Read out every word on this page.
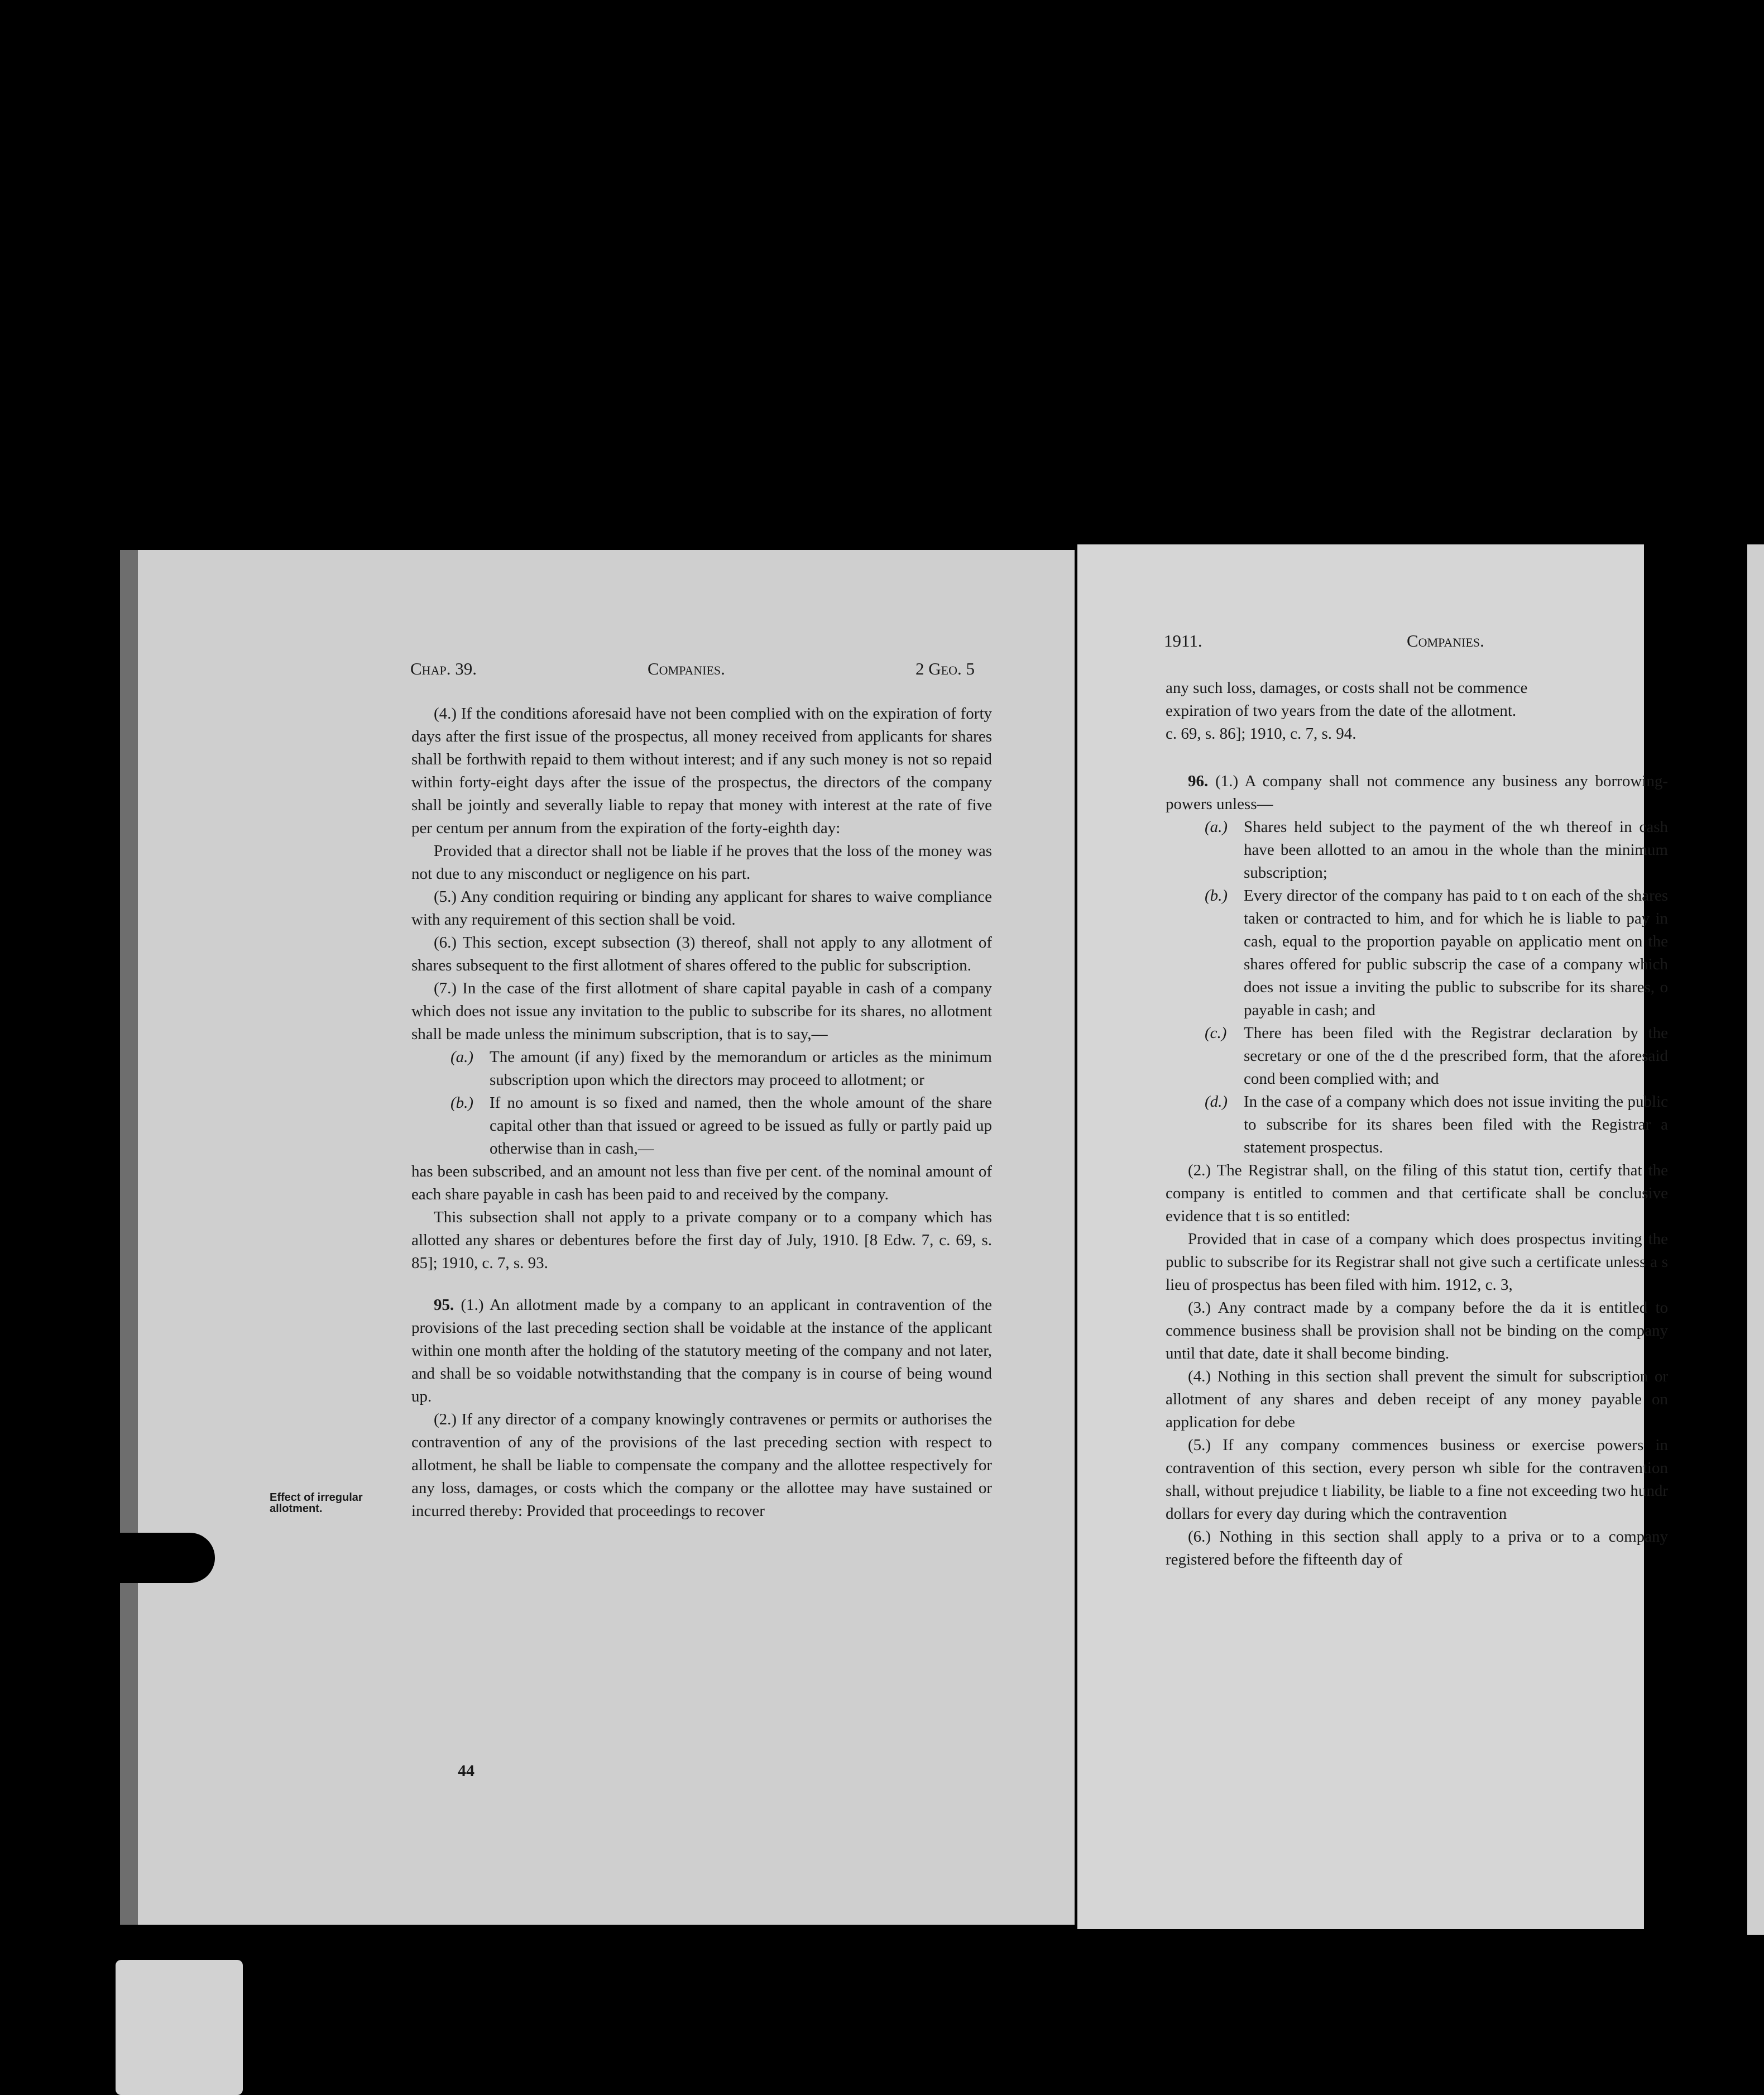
Chap. 39.	Companies.	2 Geo. 5

(4.) If the conditions aforesaid have not been complied with on the expiration of forty days after the first issue of the prospectus, all money received from applicants for shares shall be forthwith repaid to them without interest; and if any such money is not so repaid within forty-eight days after the issue of the prospectus, the directors of the company shall be jointly and severally liable to repay that money with interest at the rate of five per centum per annum from the expiration of the forty-eighth day:

Provided that a director shall not be liable if he proves that the loss of the money was not due to any misconduct or negligence on his part.

(5.) Any condition requiring or binding any applicant for shares to waive compliance with any requirement of this section shall be void.

(6.) This section, except subsection (3) thereof, shall not apply to any allotment of shares subsequent to the first allotment of shares offered to the public for subscription.

(7.) In the case of the first allotment of share capital payable in cash of a company which does not issue any invitation to the public to subscribe for its shares, no allotment shall be made unless the minimum subscription, that is to say,—

(a.) The amount (if any) fixed by the memorandum or articles as the minimum subscription upon which the directors may proceed to allotment; or

(b.) If no amount is so fixed and named, then the whole amount of the share capital other than that issued or agreed to be issued as fully or partly paid up otherwise than in cash,—

has been subscribed, and an amount not less than five per cent. of the nominal amount of each share payable in cash has been paid to and received by the company.

This subsection shall not apply to a private company or to a company which has allotted any shares or debentures before the first day of July, 1910. [8 Edw. 7, c. 69, s. 85]; 1910, c. 7, s. 93.

95. (1.) An allotment made by a company to an applicant in contravention of the provisions of the last preceding section shall be voidable at the instance of the applicant within one month after the holding of the statutory meeting of the company and not later, and shall be so voidable notwithstanding that the company is in course of being wound up.

(2.) If any director of a company knowingly contravenes or permits or authorises the contravention of any of the provisions of the last preceding section with respect to allotment, he shall be liable to compensate the company and the allottee respectively for any loss, damages, or costs which the company or the allottee may have sustained or incurred thereby: Provided that proceedings to recover

Effect of irregular allotment.
44
1911.	Companies.

any such loss, damages, or costs shall not be commence

expiration of two years from the date of the allotment.

c. 69, s. 86]; 1910, c. 7, s. 94.

96. (1.) A company shall not commence any business any borrowing-powers unless—

(a.) Shares held subject to the payment of the wh thereof in cash have been allotted to an amou in the whole than the minimum subscription;

(b.) Every director of the company has paid to t on each of the shares taken or contracted to him, and for which he is liable to pay in cash, equal to the proportion payable on applicatio ment on the shares offered for public subscrip the case of a company which does not issue a inviting the public to subscribe for its shares, o payable in cash; and

(c.) There has been filed with the Registrar declaration by the secretary or one of the d the prescribed form, that the aforesaid cond been complied with; and

(d.) In the case of a company which does not issue inviting the public to subscribe for its shares been filed with the Registrar a statement prospectus.

(2.) The Registrar shall, on the filing of this statut tion, certify that the company is entitled to commen and that certificate shall be conclusive evidence that t is so entitled:

Provided that in case of a company which does prospectus inviting the public to subscribe for its Registrar shall not give such a certificate unless a s lieu of prospectus has been filed with him. 1912, c. 3,

(3.) Any contract made by a company before the da it is entitled to commence business shall be provision shall not be binding on the company until that date, date it shall become binding.

(4.) Nothing in this section shall prevent the simult for subscription or allotment of any shares and deben receipt of any money payable on application for debe

(5.) If any company commences business or exercise powers in contravention of this section, every person wh sible for the contravention shall, without prejudice t liability, be liable to a fine not exceeding two hundr dollars for every day during which the contravention

(6.) Nothing in this section shall apply to a priva or to a company registered before the fifteenth day of
